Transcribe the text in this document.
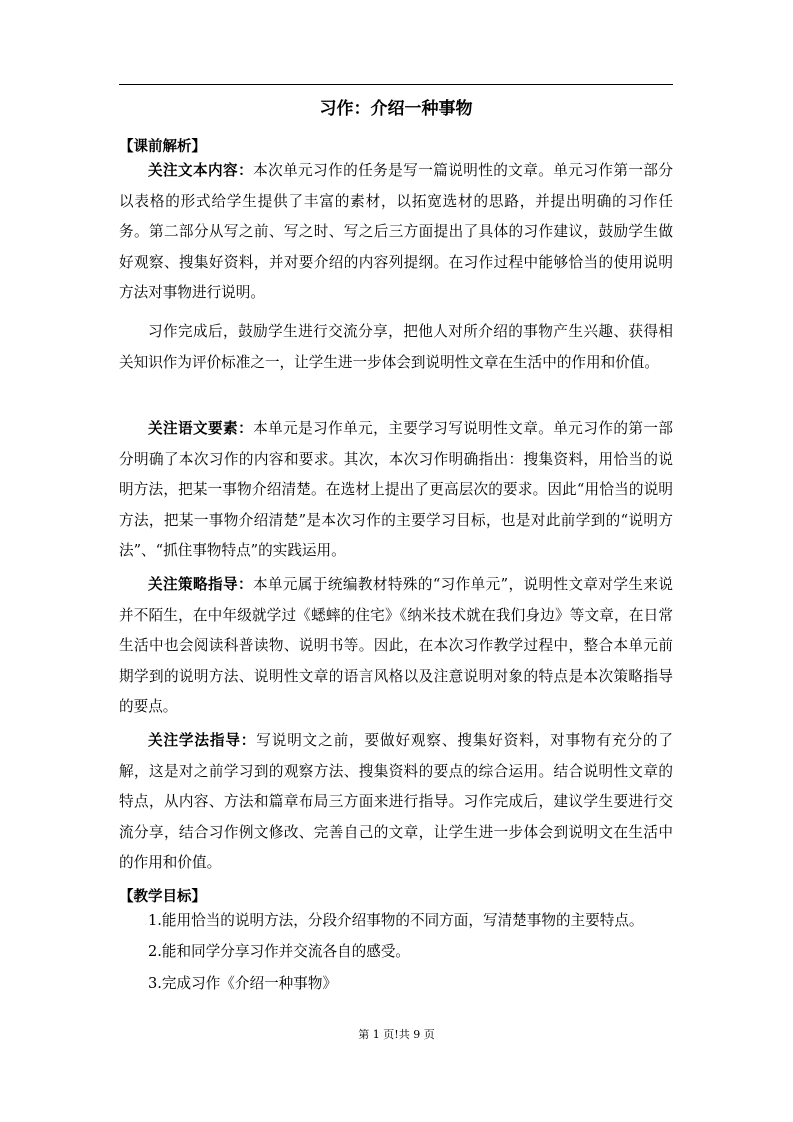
习作：介绍一种事物
【课前解析】

关注文本内容：本次单元习作的任务是写一篇说明性的文章。单元习作第一部分以表格的形式给学生提供了丰富的素材，以拓宽选材的思路，并提出明确的习作任务。第二部分从写之前、写之时、写之后三方面提出了具体的习作建议，鼓励学生做好观察、搜集好资料，并对要介绍的内容列提纲。在习作过程中能够恰当的使用说明方法对事物进行说明。

习作完成后，鼓励学生进行交流分享，把他人对所介绍的事物产生兴趣、获得相关知识作为评价标准之一，让学生进一步体会到说明性文章在生活中的作用和价值。

关注语文要素：本单元是习作单元，主要学习写说明性文章。单元习作的第一部分明确了本次习作的内容和要求。其次，本次习作明确指出：搜集资料，用恰当的说明方法，把某一事物介绍清楚。在选材上提出了更高层次的要求。因此“用恰当的说明方法，把某一事物介绍清楚”是本次习作的主要学习目标，也是对此前学到的“说明方法”、“抓住事物特点”的实践运用。

关注策略指导：本单元属于统编教材特殊的“习作单元”，说明性文章对学生来说并不陌生，在中年级就学过《蟋蟀的住宅》《纳米技术就在我们身边》等文章，在日常生活中也会阅读科普读物、说明书等。因此，在本次习作教学过程中，整合本单元前期学到的说明方法、说明性文章的语言风格以及注意说明对象的特点是本次策略指导的要点。

关注学法指导：写说明文之前，要做好观察、搜集好资料，对事物有充分的了解，这是对之前学习到的观察方法、搜集资料的要点的综合运用。结合说明性文章的特点，从内容、方法和篇章布局三方面来进行指导。习作完成后，建议学生要进行交流分享，结合习作例文修改、完善自己的文章，让学生进一步体会到说明文在生活中的作用和价值。

【教学目标】

1.能用恰当的说明方法，分段介绍事物的不同方面，写清楚事物的主要特点。

2.能和同学分享习作并交流各自的感受。

3.完成习作《介绍一种事物》

第 1 页!共 9 页
